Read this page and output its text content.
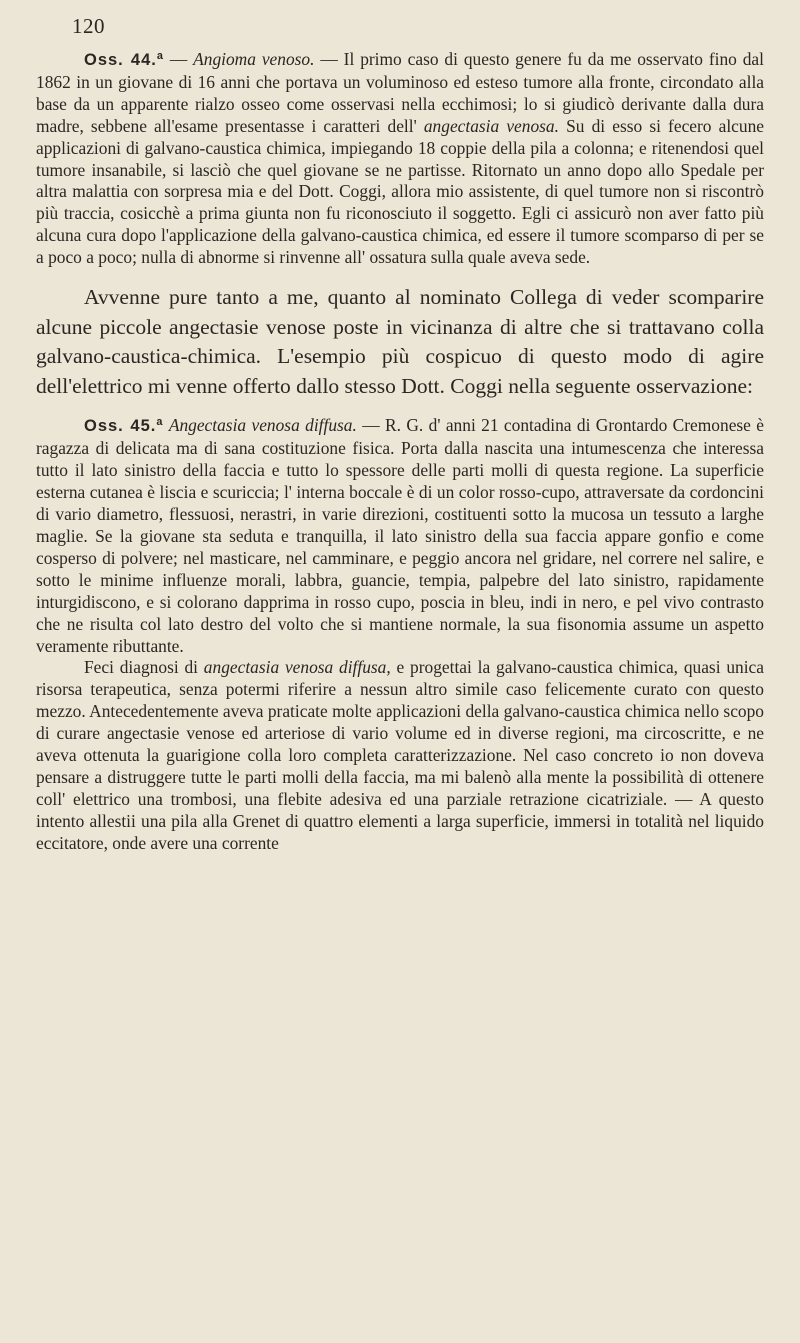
120

Oss. 44.ª — Angioma venoso. — Il primo caso di questo genere fu da me osservato fino dal 1862 in un giovane di 16 anni che portava un voluminoso ed esteso tumore alla fronte, circondato alla base da un apparente rialzo osseo come osservasi nella ecchimosi; lo si giudicò derivante dalla dura madre, sebbene all'esame presentasse i caratteri dell' angectasia venosa. Su di esso si fecero alcune applicazioni di galvano-caustica chimica, impiegando 18 coppie della pila a colonna; e ritenendosi quel tumore insanabile, si lasciò che quel giovane se ne partisse. Ritornato un anno dopo allo Spedale per altra malattia con sorpresa mia e del Dott. Coggi, allora mio assistente, di quel tumore non si riscontrò più traccia, cosicchè a prima giunta non fu riconosciuto il soggetto. Egli ci assicurò non aver fatto più alcuna cura dopo l'applicazione della galvano-caustica chimica, ed essere il tumore scomparso di per se a poco a poco; nulla di abnorme si rinvenne all' ossatura sulla quale aveva sede.

Avvenne pure tanto a me, quanto al nominato Collega di veder scomparire alcune piccole angectasie venose poste in vicinanza di altre che si trattavano colla galvano-caustica-chimica. L'esempio più cospicuo di questo modo di agire dell'elettrico mi venne offerto dallo stesso Dott. Coggi nella seguente osservazione:

Oss. 45.ª Angectasia venosa diffusa. — R. G. d' anni 21 contadina di Grontardo Cremonese è ragazza di delicata ma di sana costituzione fisica. Porta dalla nascita una intumescenza che interessa tutto il lato sinistro della faccia e tutto lo spessore delle parti molli di questa regione. La superficie esterna cutanea è liscia e scuriccia; l' interna boccale è di un color rosso-cupo, attraversate da cordoncini di vario diametro, flessuosi, nerastri, in varie direzioni, costituenti sotto la mucosa un tessuto a larghe maglie. Se la giovane sta seduta e tranquilla, il lato sinistro della sua faccia appare gonfio e come cosperso di polvere; nel masticare, nel camminare, e peggio ancora nel gridare, nel correre nel salire, e sotto le minime influenze morali, labbra, guancie, tempia, palpebre del lato sinistro, rapidamente inturgidiscono, e si colorano dapprima in rosso cupo, poscia in bleu, indi in nero, e pel vivo contrasto che ne risulta col lato destro del volto che si mantiene normale, la sua fisonomia assume un aspetto veramente ributtante.

Feci diagnosi di angectasia venosa diffusa, e progettai la galvano-caustica chimica, quasi unica risorsa terapeutica, senza potermi riferire a nessun altro simile caso felicemente curato con questo mezzo. Antecedentemente aveva praticate molte applicazioni della galvano-caustica chimica nello scopo di curare angectasie venose ed arteriose di vario volume ed in diverse regioni, ma circoscritte, e ne aveva ottenuta la guarigione colla loro completa caratterizzazione. Nel caso concreto io non doveva pensare a distruggere tutte le parti molli della faccia, ma mi balenò alla mente la possibilità di ottenere coll' elettrico una trombosi, una flebite adesiva ed una parziale retrazione cicatriziale. — A questo intento allestii una pila alla Grenet di quattro elementi a larga superficie, immersi in totalità nel liquido eccitatore, onde avere una corrente
